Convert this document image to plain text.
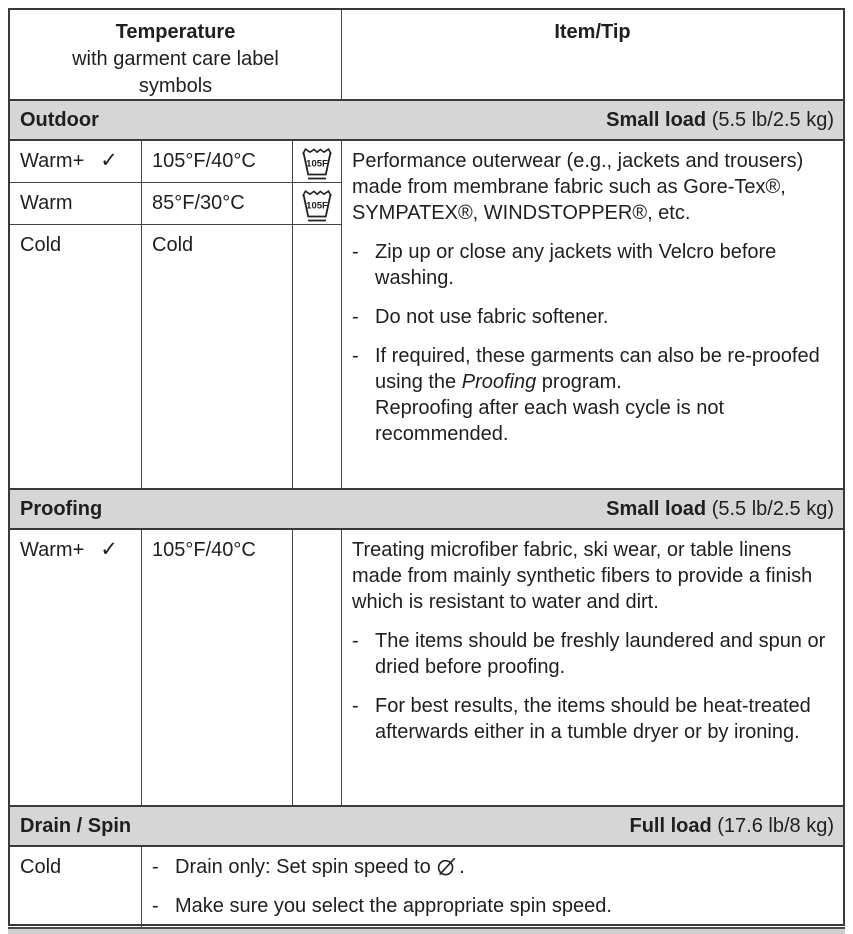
Temperature
with garment care label
symbols
Item/Tip
Outdoor	Small load (5.5 lb/2.5 kg)
Warm+ ✓	105°F/40°C	105F
Warm	85°F/30°C	105F
Cold	Cold

Performance outerwear (e.g., jackets and trousers) made from membrane fabric such as Gore-Tex®, SYMPATEX®, WINDSTOPPER®, etc.

- Zip up or close any jackets with Velcro before washing.
- Do not use fabric softener.
- If required, these garments can also be re-proofed using the Proofing program.
Reproofing after each wash cycle is not recommended.
Proofing	Small load (5.5 lb/2.5 kg)
Warm+ ✓	105°F/40°C	Treating microfiber fabric, ski wear, or table linens made from mainly synthetic fibers to provide a finish which is resistant to water and dirt.

- The items should be freshly laundered and spun or dried before proofing.
- For best results, the items should be heat-treated afterwards either in a tumble dryer or by ironing.
Drain / Spin	Full load (17.6 lb/8 kg)
Cold	- Drain only: Set spin speed to .
- Make sure you select the appropriate spin speed.
